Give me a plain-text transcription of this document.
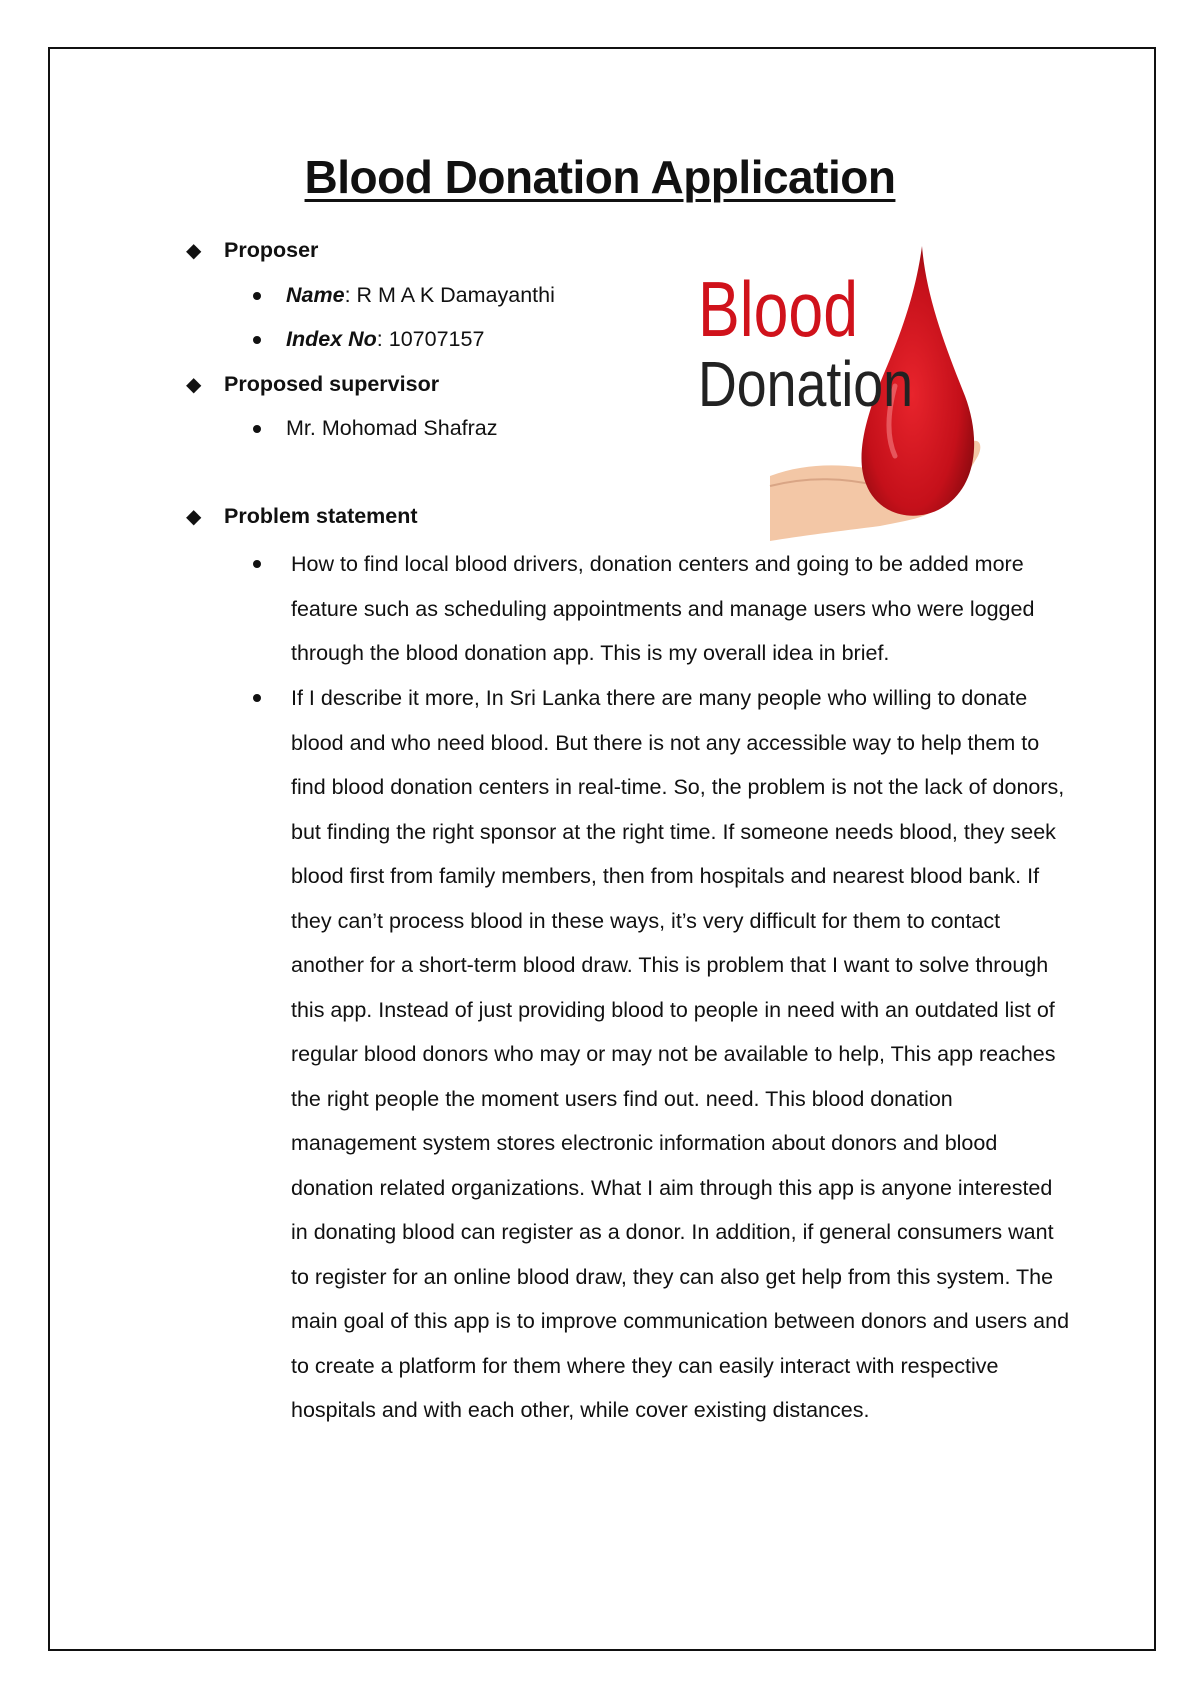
Blood Donation Application
Blood
Donation
◆	Proposer
Name : R M A K Damayanthi
Index No : 10707157
◆	Proposed supervisor
Mr. Mohomad Shafraz
◆	Problem statement
How to find local blood drivers, donation centers and going to be added more feature such as scheduling appointments and manage users who were logged through the blood donation app. This is my overall idea in brief.
If I describe it more, In Sri Lanka there are many people who willing to donate blood and who need blood. But there is not any accessible way to help them to find blood donation centers in real-time. So, the problem is not the lack of donors, but finding the right sponsor at the right time. If someone needs blood, they seek blood first from family members, then from hospitals and nearest blood bank. If they can’t process blood in these ways, it’s very difficult for them to contact another for a short-term blood draw. This is problem that I want to solve through this app. Instead of just providing blood to people in need with an outdated list of regular blood donors who may or may not be available to help, This app reaches the right people the moment users find out. need. This blood donation management system stores electronic information about donors and blood donation related organizations. What I aim through this app is anyone interested in donating blood can register as a donor. In addition, if general consumers want to register for an online blood draw, they can also get help from this system. The main goal of this app is to improve communication between donors and users and to create a platform for them where they can easily interact with respective hospitals and with each other, while cover existing distances.
